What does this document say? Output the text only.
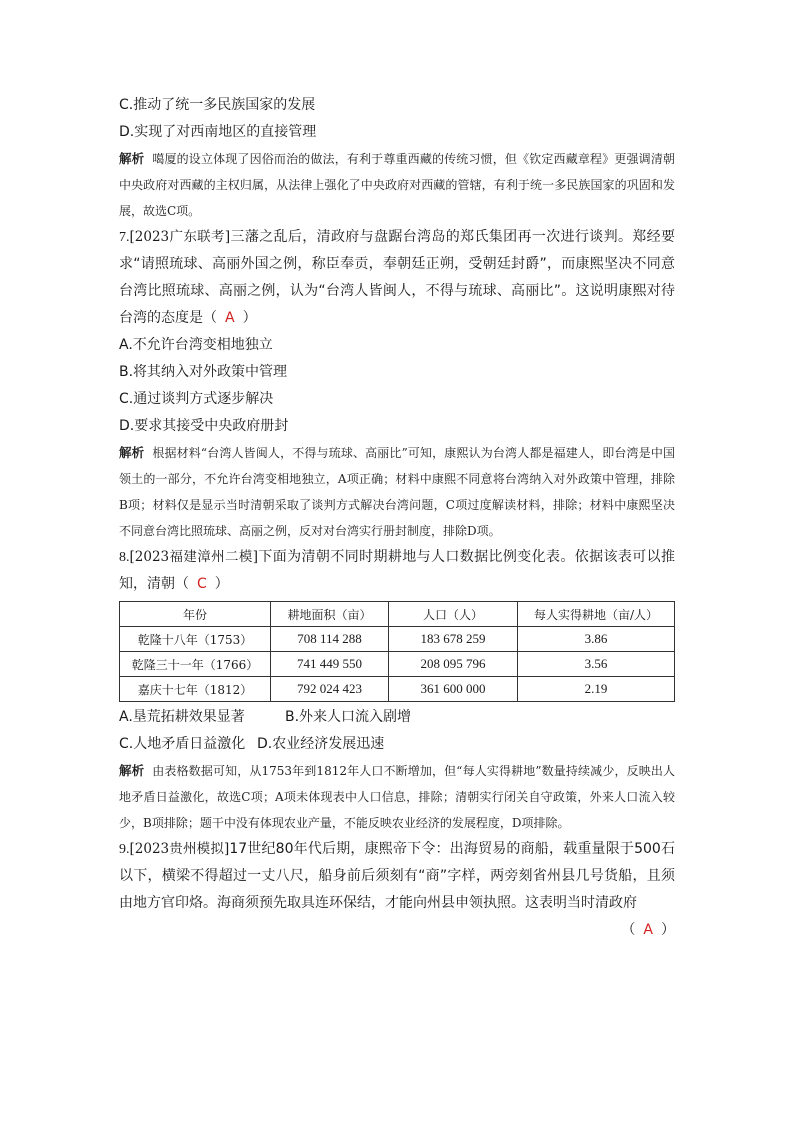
C.推动了统一多民族国家的发展
D.实现了对西南地区的直接管理
解析 噶厦的设立体现了因俗而治的做法，有利于尊重西藏的传统习惯，但《钦定西藏章程》更强调清朝中央政府对西藏的主权归属，从法律上强化了中央政府对西藏的管辖，有利于统一多民族国家的巩固和发展，故选C项。
7.[2023广东联考]三藩之乱后，清政府与盘踞台湾岛的郑氏集团再一次进行谈判。郑经要求“请照琉球、高丽外国之例，称臣奉贡，奉朝廷正朔，受朝廷封爵”，而康熙坚决不同意台湾比照琉球、高丽之例，认为“台湾人皆闽人，不得与琉球、高丽比”。这说明康熙对待台湾的态度是（ A ）
A.不允许台湾变相地独立
B.将其纳入对外政策中管理
C.通过谈判方式逐步解决
D.要求其接受中央政府册封
解析 根据材料“台湾人皆闽人，不得与琉球、高丽比”可知，康熙认为台湾人都是福建人，即台湾是中国领土的一部分，不允许台湾变相地独立，A项正确；材料中康熙不同意将台湾纳入对外政策中管理，排除B项；材料仅是显示当时清朝采取了谈判方式解决台湾问题，C项过度解读材料，排除；材料中康熙坚决不同意台湾比照琉球、高丽之例，反对对台湾实行册封制度，排除D项。
8.[2023福建漳州二模]下面为清朝不同时期耕地与人口数据比例变化表。依据该表可以推知，清朝（ C ）
年份	耕地面积（亩）	人口（人）	每人实得耕地（亩/人）
乾隆十八年（1753）	708 114 288	183 678 259	3.86
乾隆三十一年（1766）	741 449 550	208 095 796	3.56
嘉庆十七年（1812）	792 024 423	361 600 000	2.19
A.垦荒拓耕效果显著	B.外来人口流入剧增
C.人地矛盾日益激化 D.农业经济发展迅速
解析 由表格数据可知，从1753年到1812年人口不断增加，但“每人实得耕地”数量持续减少，反映出人地矛盾日益激化，故选C项；A项未体现表中人口信息，排除；清朝实行闭关自守政策，外来人口流入较少，B项排除；题干中没有体现农业产量，不能反映农业经济的发展程度，D项排除。
9.[2023贵州模拟]17世纪80年代后期，康熙帝下令：出海贸易的商船，载重量限于500石以下，横梁不得超过一丈八尺，船身前后须刻有“商”字样，两旁刻省州县几号货船，且须由地方官印烙。海商须预先取具连环保结，才能向州县申领执照。这表明当时清政府
（ A ）
